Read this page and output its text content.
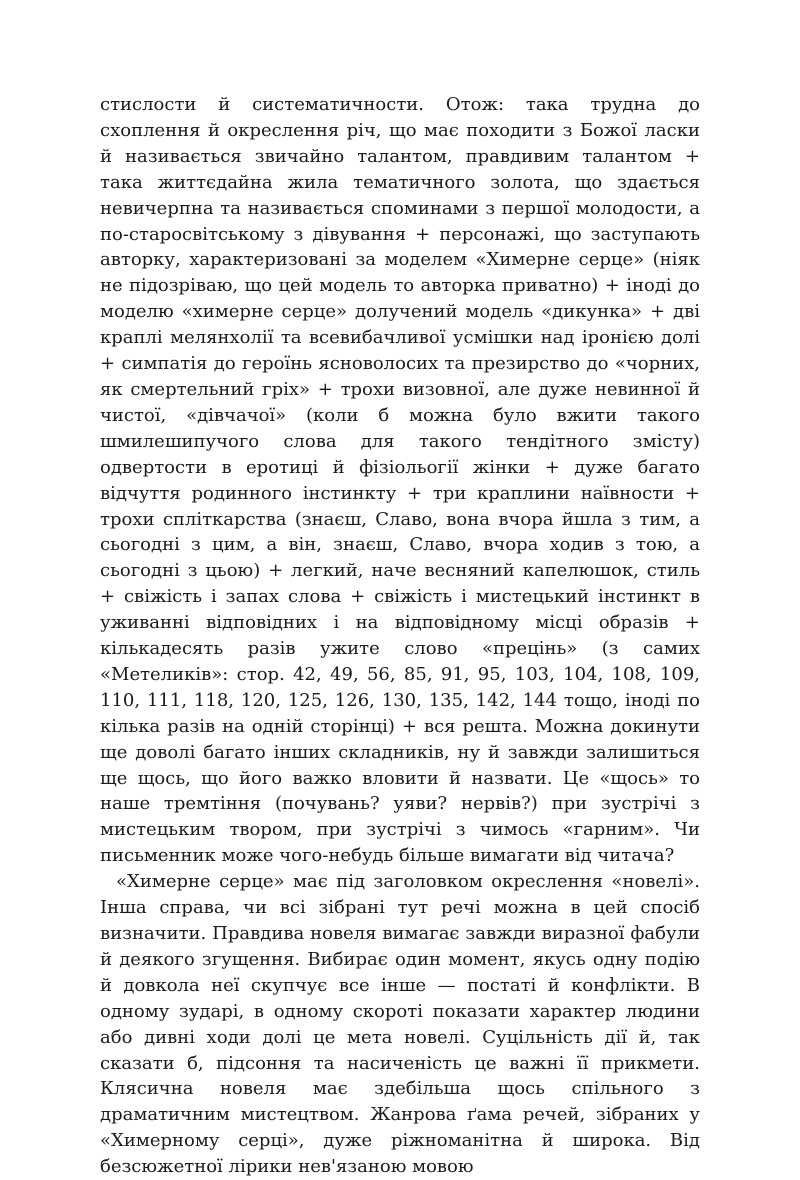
стислости й систематичности. Отож: така трудна до схоплення й окреслення річ, що має походити з Божої ласки й називається звичайно талантом, правдивим талантом + така життєдайна жила тематичного золота, що здається невичерпна та називається споминами з першої молодости, а по-старосвітському з дівування + персонажі, що заступають авторку, характеризовані за моделем «Химерне серце» (ніяк не підозріваю, що цей модель то авторка приватно) + іноді до моделю «химерне серце» долучений модель «дикунка» + дві краплі мелянхолії та всевибачливої усмішки над іронією долі + симпатія до героїнь ясноволосих та презирство до «чорних, як смертельний гріх» + трохи визовної, але дуже невинної й чистої, «дівчачої» (коли б можна було вжити такого шмилешипучого слова для такого тендітного змісту) одвертости в еротиці й фізіольогії жінки + дуже багато відчуття родинного інстинкту + три краплини наївности + трохи спліткарства (знаєш, Славо, вона вчора йшла з тим, а сьогодні з цим, а він, знаєш, Славо, вчора ходив з тою, а сьогодні з цьою) + легкий, наче весняний капелюшок, стиль + свіжість і запах слова + свіжість і мистецький інстинкт в уживанні відповідних і на відповідному місці образів + кількадесять разів ужите слово «прецінь» (з самих «Метеликів»: стор. 42, 49, 56, 85, 91, 95, 103, 104, 108, 109, 110, 111, 118, 120, 125, 126, 130, 135, 142, 144 тощо, іноді по кілька разів на одній сторінці) + вся решта. Можна докинути ще доволі багато інших складників, ну й завжди залишиться ще щось, що його важко вловити й назвати. Це «щось» то наше тремтіння (почувань? уяви? нервів?) при зустрічі з мистецьким твором, при зустрічі з чимось «гарним». Чи письменник може чого-небудь більше вимагати від читача?

«Химерне серце» має під заголовком окреслення «новелі». Інша справа, чи всі зібрані тут речі можна в цей спосіб визначити. Правдива новеля вимагає завжди виразної фабули й деякого згущення. Вибирає один момент, якусь одну подію й довкола неї скупчує все інше — постаті й конфлікти. В одному зударі, в одному скороті показати характер людини або дивні ходи долі це мета новелі. Суцільність дії й, так сказати б, підсоння та насиченість це важні її прикмети. Клясична новеля має здебільша щось спільного з драматичним мистецтвом. Жанрова ґама речей, зібраних у «Химерному серці», дуже ріжноманітна й широка. Від безсюжетної лірики нев'язаною мовою
